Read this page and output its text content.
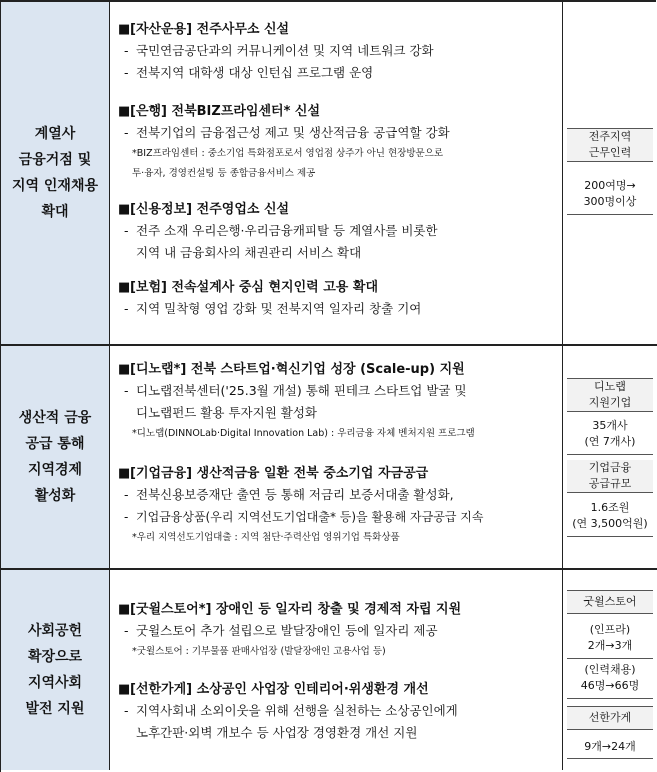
계열사
금융거점 및
지역 인재채용
확대
■ [자산운용] 전주사무소 신설
- 국민연금공단과의 커뮤니케이션 및 지역 네트워크 강화
- 전북지역 대학생 대상 인턴십 프로그램 운영
■ [은행] 전북BIZ프라임센터* 신설
- 전북기업의 금융접근성 제고 및 생산적금융 공급역할 강화
*BIZ프라임센터 : 중소기업 특화점포로서 영업점 상주가 아닌 현장방문으로
투·융자, 경영컨설팅 등 종합금융서비스 제공
■ [신용정보] 전주영업소 신설
- 전주 소재 우리은행·우리금융캐피탈 등 계열사를 비롯한
지역 내 금융회사의 채권관리 서비스 확대
■ [보험] 전속설계사 중심 현지인력 고용 확대
- 지역 밀착형 영업 강화 및 전북지역 일자리 창출 기여
전주지역
근무인력
200여명→
300명이상
생산적 금융
공급 통해
지역경제
활성화
■ [디노랩*] 전북 스타트업·혁신기업 성장 (Scale-up) 지원
- 디노랩전북센터('25.3월 개설) 통해 핀테크 스타트업 발굴 및
디노랩펀드 활용 투자지원 활성화
*디노랩(DINNOLab·Digital Innovation Lab) : 우리금융 자체 벤처지원 프로그램
■ [기업금융] 생산적금융 일환 전북 중소기업 자금공급
- 전북신용보증재단 출연 등 통해 저금리 보증서대출 활성화,
- 기업금융상품(우리 지역선도기업대출* 등)을 활용해 자금공급 지속
*우리 지역선도기업대출 : 지역 첨단·주력산업 영위기업 특화상품
디노랩
지원기업
35개사
(연 7개사)
기업금융
공급규모
1.6조원
(연 3,500억원)
사회공헌
확장으로
지역사회
발전 지원
■ [굿윌스토어*] 장애인 등 일자리 창출 및 경제적 자립 지원
- 굿윌스토어 추가 설립으로 발달장애인 등에 일자리 제공
*굿윌스토어 : 기부물품 판매사업장 (발달장애인 고용사업 등)
■ [선한가게] 소상공인 사업장 인테리어·위생환경 개선
- 지역사회내 소외이웃을 위해 선행을 실천하는 소상공인에게
노후간판·외벽 개보수 등 사업장 경영환경 개선 지원
굿윌스토어
(인프라)
2개→3개
(인력채용)
46명→66명
선한가게
9개→24개
